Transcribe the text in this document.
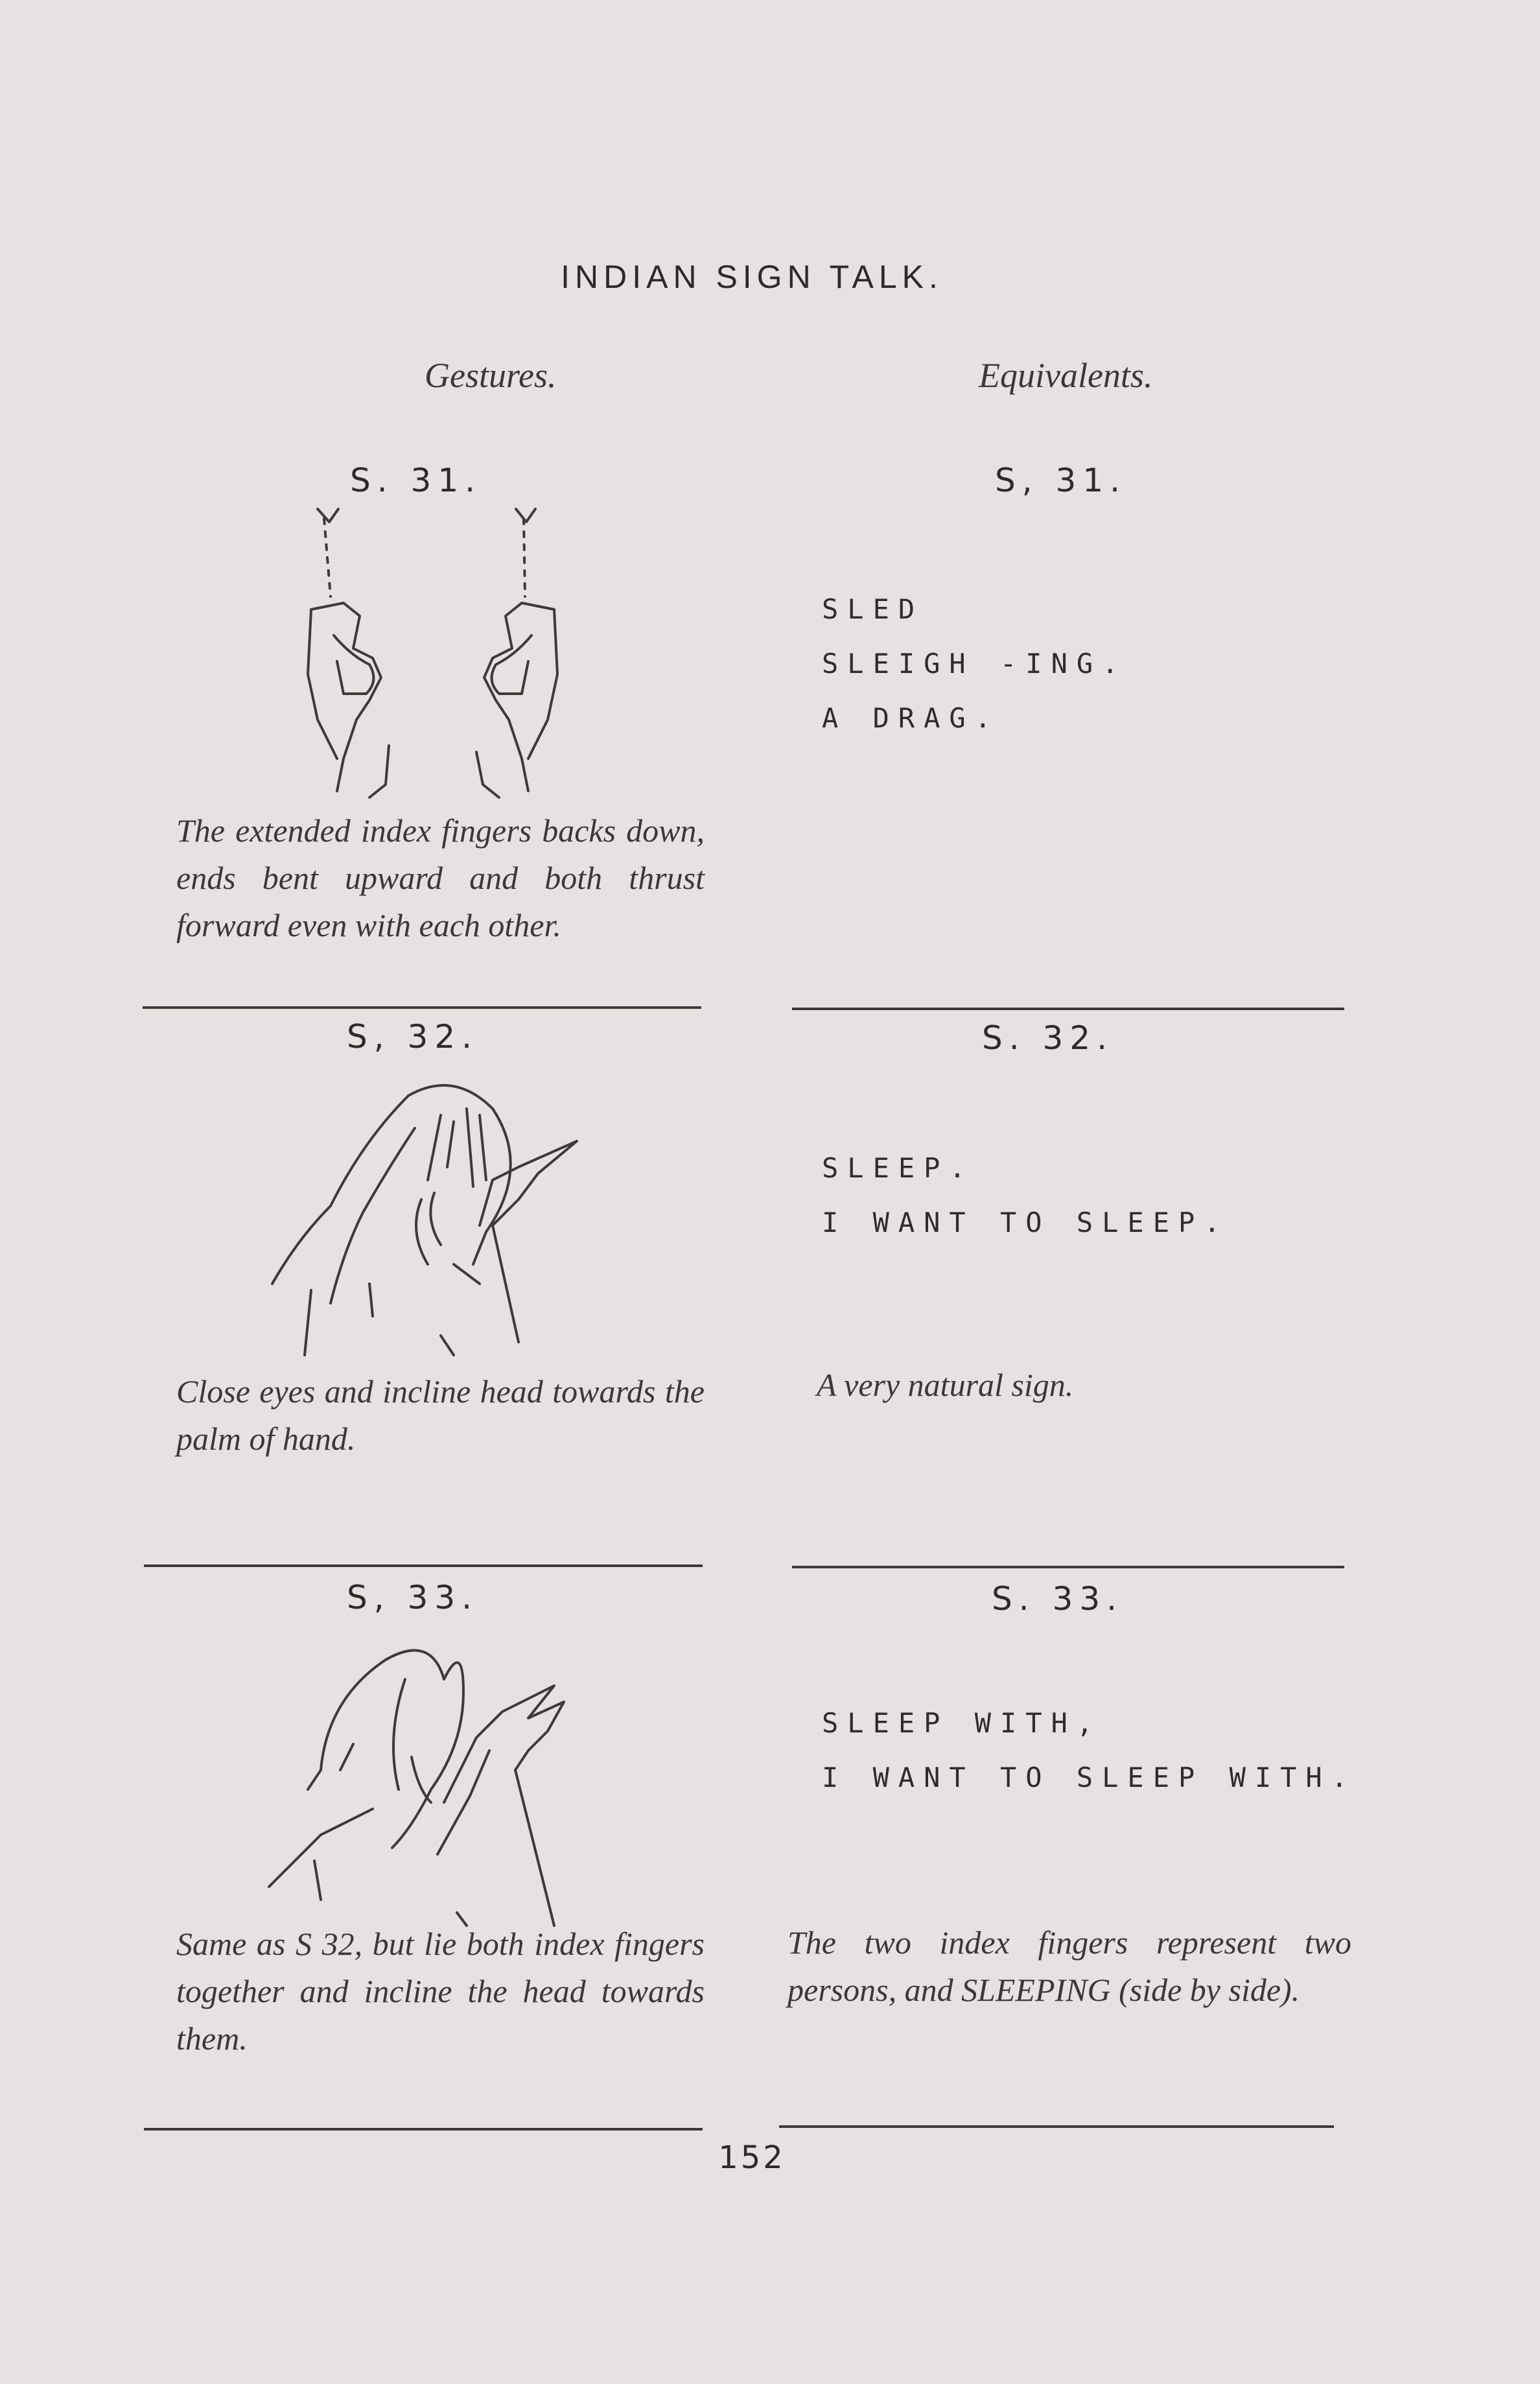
INDIAN SIGN TALK.
Gestures.	Equivalents.
S. 31.	S, 31.

The extended index fingers backs down, ends bent upward and both thrust forward even with each other.

SLED
SLEIGH -ING.
A DRAG.
S, 32.	S. 32.

Close eyes and incline head towards the palm of hand.

SLEEP.
I WANT TO SLEEP.

A very natural sign.

S, 33.	S. 33.

Same as S 32, but lie both index fingers together and incline the head towards them.

SLEEP WITH,
I WANT TO SLEEP WITH.

The two index fingers represent two persons, and SLEEPING (side by side).

152
